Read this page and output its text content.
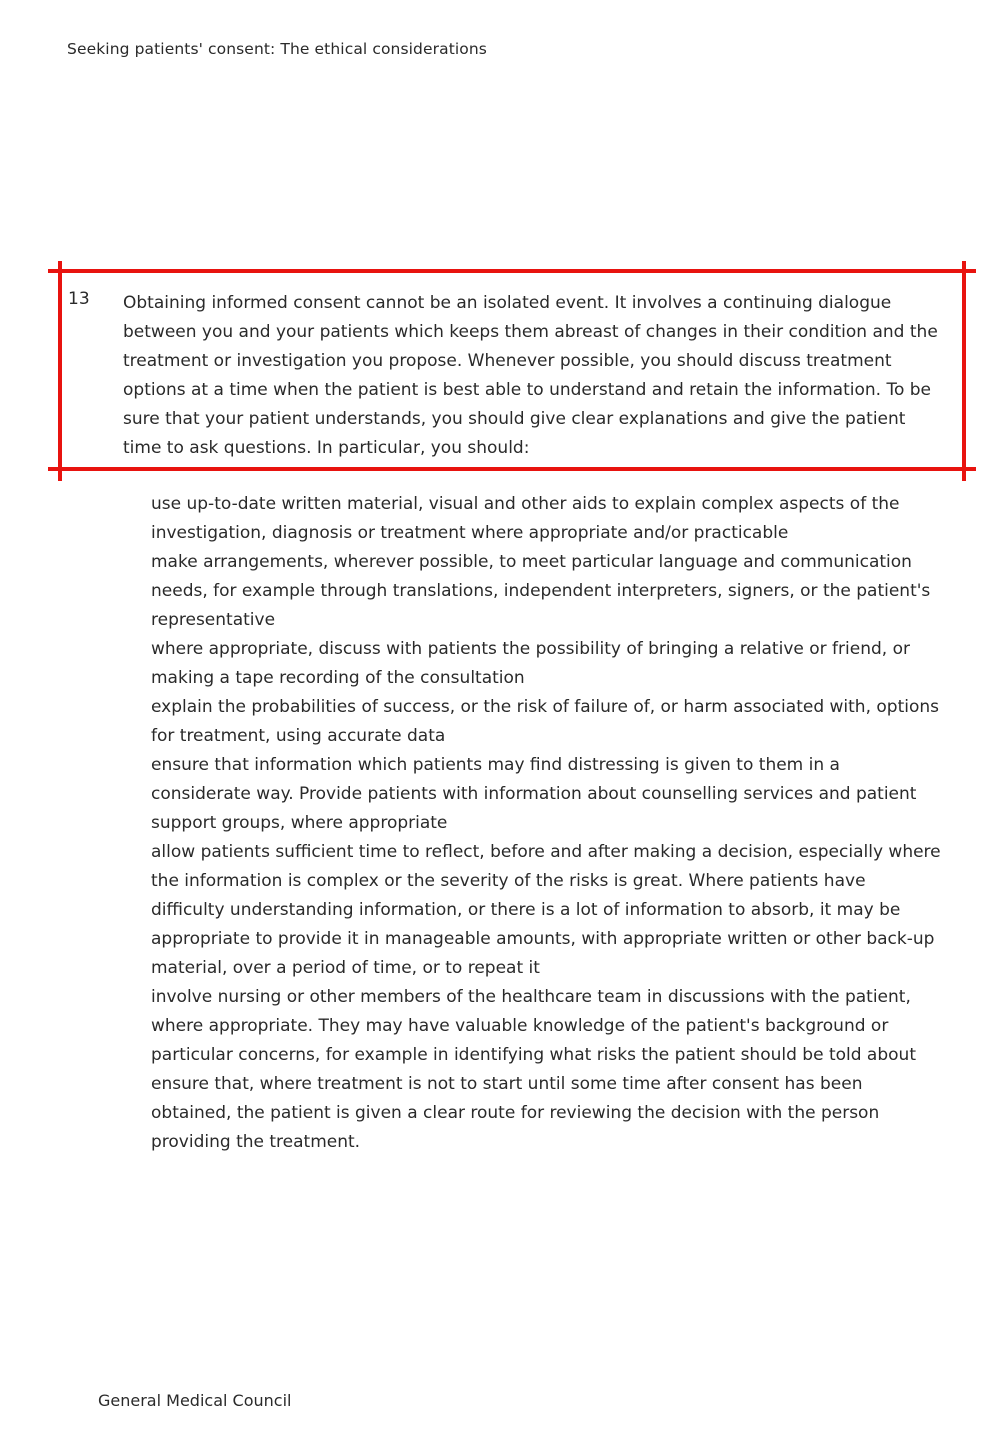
Seeking patients' consent: The ethical considerations
13 Obtaining informed consent cannot be an isolated event. It involves a continuing dialogue between you and your patients which keeps them abreast of changes in their condition and the treatment or investigation you propose. Whenever possible, you should discuss treatment options at a time when the patient is best able to understand and retain the information. To be sure that your patient understands, you should give clear explanations and give the patient time to ask questions. In particular, you should:

use up-to-date written material, visual and other aids to explain complex aspects of the investigation, diagnosis or treatment where appropriate and/or practicable
make arrangements, wherever possible, to meet particular language and communication needs, for example through translations, independent interpreters, signers, or the patient's representative
where appropriate, discuss with patients the possibility of bringing a relative or friend, or making a tape recording of the consultation
explain the probabilities of success, or the risk of failure of, or harm associated with, options for treatment, using accurate data
ensure that information which patients may find distressing is given to them in a considerate way. Provide patients with information about counselling services and patient support groups, where appropriate
allow patients sufficient time to reflect, before and after making a decision, especially where the information is complex or the severity of the risks is great. Where patients have difficulty understanding information, or there is a lot of information to absorb, it may be appropriate to provide it in manageable amounts, with appropriate written or other back-up material, over a period of time, or to repeat it
involve nursing or other members of the healthcare team in discussions with the patient, where appropriate. They may have valuable knowledge of the patient's background or particular concerns, for example in identifying what risks the patient should be told about
ensure that, where treatment is not to start until some time after consent has been obtained, the patient is given a clear route for reviewing the decision with the person providing the treatment.
General Medical Council
